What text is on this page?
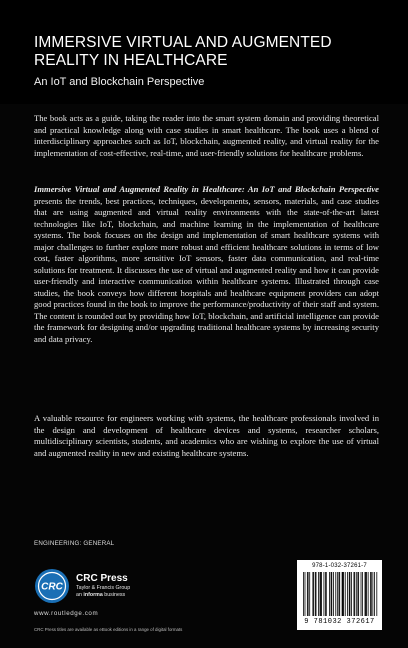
IMMERSIVE VIRTUAL AND AUGMENTED REALITY IN HEALTHCARE
An IoT and Blockchain Perspective

The book acts as a guide, taking the reader into the smart system domain and providing theoretical and practical knowledge along with case studies in smart healthcare. The book uses a blend of interdisciplinary approaches such as IoT, blockchain, augmented reality, and virtual reality for the implementation of cost-effective, real-time, and user-friendly solutions for healthcare problems.

Immersive Virtual and Augmented Reality in Healthcare: An IoT and Blockchain Perspective presents the trends, best practices, techniques, developments, sensors, materials, and case studies that are using augmented and virtual reality environments with the state-of-the-art latest technologies like IoT, blockchain, and machine learning in the implementation of healthcare systems. The book focuses on the design and implementation of smart healthcare systems with major challenges to further explore more robust and efficient healthcare solutions in terms of low cost, faster algorithms, more sensitive IoT sensors, faster data communication, and real-time solutions for treatment. It discusses the use of virtual and augmented reality and how it can provide user-friendly and interactive communication within healthcare systems. Illustrated through case studies, the book conveys how different hospitals and healthcare equipment providers can adopt good practices found in the book to improve the performance/productivity of their staff and system. The content is rounded out by providing how IoT, blockchain, and artificial intelligence can provide the framework for designing and/or upgrading traditional healthcare systems by increasing security and data privacy.

A valuable resource for engineers working with systems, the healthcare professionals involved in the design and development of healthcare devices and systems, researcher scholars, multidisciplinary scientists, students, and academics who are wishing to explore the use of virtual and augmented reality in new and existing healthcare systems.

ENGINEERING: GENERAL
CRC
CRC Press
Taylor & Francis Group
an informa business
www.routledge.com
CRC Press titles are available as eBook editions in a range of digital formats
978-1-032-37261-7
9 781032 372617
